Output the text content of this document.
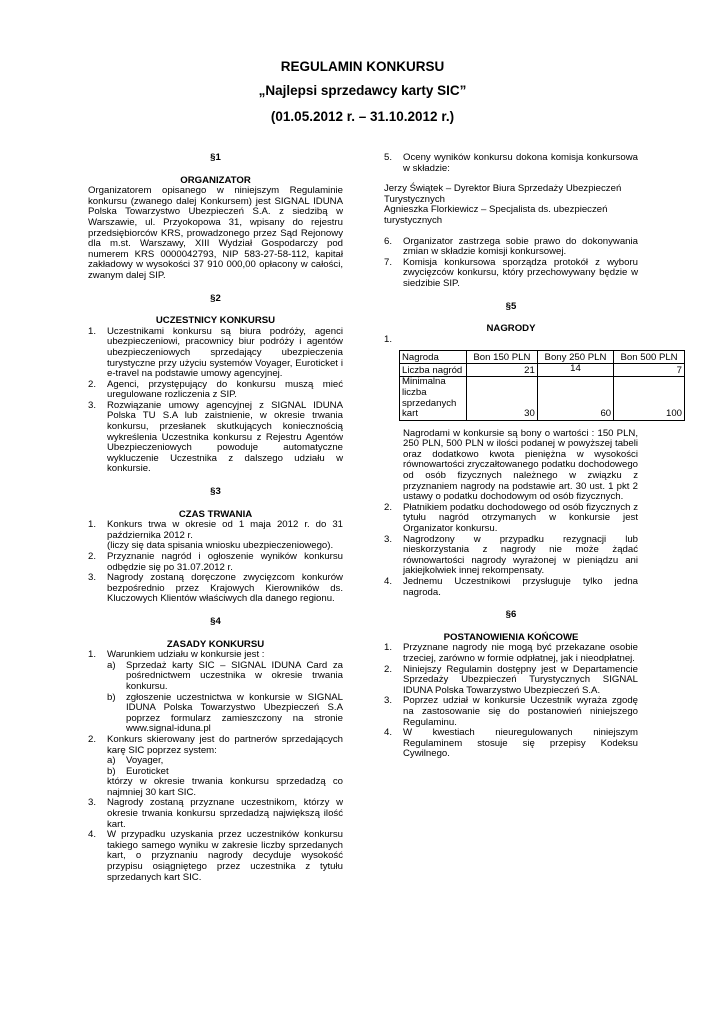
REGULAMIN KONKURSU
„Najlepsi sprzedawcy karty SIC”
(01.05.2012 r. – 31.10.2012 r.)
§1
ORGANIZATOR
Organizatorem opisanego w niniejszym Regulaminie konkursu (zwanego dalej Konkursem) jest SIGNAL IDUNA Polska Towarzystwo Ubezpieczeń S.A. z siedzibą w Warszawie, ul. Przyokopowa 31, wpisany do rejestru przedsiębiorców KRS, prowadzonego przez Sąd Rejonowy dla m.st. Warszawy, XIII Wydział Gospodarczy pod numerem KRS 0000042793, NIP 583-27-58-112, kapitał zakładowy w wysokości 37 910 000,00 opłacony w całości, zwanym dalej SIP.
§2
UCZESTNICY KONKURSU
1. Uczestnikami konkursu są biura podróży, agenci ubezpieczeniowi, pracownicy biur podróży i agentów ubezpieczeniowych sprzedający ubezpieczenia turystyczne przy użyciu systemów Voyager, Euroticket i e-travel na podstawie umowy agencyjnej.
2. Agenci, przystępujący do konkursu muszą mieć uregulowane rozliczenia z SIP.
3. Rozwiązanie umowy agencyjnej z SIGNAL IDUNA Polska TU S.A lub zaistnienie, w okresie trwania konkursu, przesłanek skutkujących koniecznością wykreślenia Uczestnika konkursu z Rejestru Agentów Ubezpieczeniowych powoduje automatyczne wykluczenie Uczestnika z dalszego udziału w konkursie.
§3
CZAS TRWANIA
1. Konkurs trwa w okresie od 1 maja 2012 r. do 31 października 2012 r.
(liczy się data spisania wniosku ubezpieczeniowego).
2. Przyznanie nagród i ogłoszenie wyników konkursu odbędzie się po 31.07.2012 r.
3. Nagrody zostaną doręczone zwycięzcom konkurów bezpośrednio przez Krajowych Kierowników ds. Kluczowych Klientów właściwych dla danego regionu.
§4
ZASADY KONKURSU
1. Warunkiem udziału w konkursie jest :
a) Sprzedaż karty SIC – SIGNAL IDUNA Card za pośrednictwem uczestnika w okresie trwania konkursu.
b) zgłoszenie uczestnictwa w konkursie w SIGNAL IDUNA Polska Towarzystwo Ubezpieczeń S.A poprzez formularz zamieszczony na stronie www.signal-iduna.pl
2. Konkurs skierowany jest do partnerów sprzedających karę SIC poprzez system:
a) Voyager,
b) Euroticket
którzy w okresie trwania konkursu sprzedadzą co najmniej 30 kart SIC.
3. Nagrody zostaną przyznane uczestnikom, którzy w okresie trwania konkursu sprzedadzą największą ilość kart.
4. W przypadku uzyskania przez uczestników konkursu takiego samego wyniku w zakresie liczby sprzedanych kart, o przyznaniu nagrody decyduje wysokość przypisu osiągniętego przez uczestnika z tytułu sprzedanych kart SIC.
5. Oceny wyników konkursu dokona komisja konkursowa w składzie:
Jerzy Świątek – Dyrektor Biura Sprzedaży Ubezpieczeń Turystycznych
Agnieszka Florkiewicz – Specjalista ds. ubezpieczeń turystycznych
6. Organizator zastrzega sobie prawo do dokonywania zmian w składzie komisji konkursowej.
7. Komisja konkursowa sporządza protokół z wyboru zwycięzców konkursu, który przechowywany będzie w siedzibie SIP.
§5
NAGRODY
1.
Nagroda	Bon 150 PLN	Bony 250 PLN	Bon 500 PLN
Liczba nagród	21	14	7
Minimalna liczba sprzedanych kart	30	60	100
Nagrodami w konkursie są bony o wartości : 150 PLN, 250 PLN, 500 PLN w ilości podanej w powyższej tabeli oraz dodatkowo kwota pieniężna w wysokości równowartości zryczałtowanego podatku dochodowego od osób fizycznych należnego w związku z przyznaniem nagrody na podstawie art. 30 ust. 1 pkt 2 ustawy o podatku dochodowym od osób fizycznych.
2. Płatnikiem podatku dochodowego od osób fizycznych z tytułu nagród otrzymanych w konkursie jest Organizator konkursu.
3. Nagrodzony w przypadku rezygnacji lub nieskorzystania z nagrody nie może żądać równowartości nagrody wyrażonej w pieniądzu ani jakiejkolwiek innej rekompensaty.
4. Jednemu Uczestnikowi przysługuje tylko jedna nagroda.
§6
POSTANOWIENIA KOŃCOWE
1. Przyznane nagrody nie mogą być przekazane osobie trzeciej, zarówno w formie odpłatnej, jak i nieodpłatnej.
2. Niniejszy Regulamin dostępny jest w Departamencie Sprzedaży Ubezpieczeń Turystycznych SIGNAL IDUNA Polska Towarzystwo Ubezpieczeń S.A.
3. Poprzez udział w konkursie Uczestnik wyraża zgodę na zastosowanie się do postanowień niniejszego Regulaminu.
4. W kwestiach nieuregulowanych niniejszym Regulaminem stosuje się przepisy Kodeksu Cywilnego.
